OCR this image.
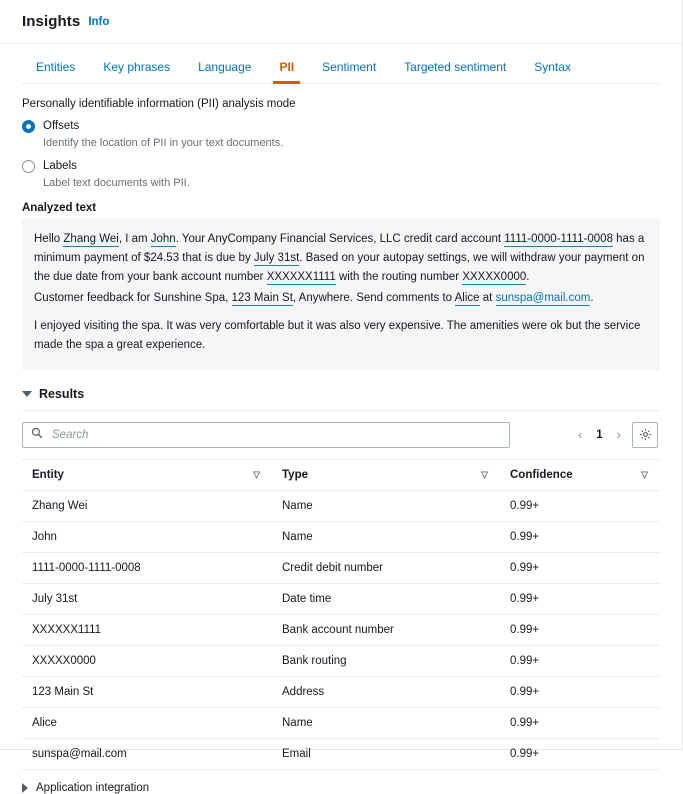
Insights Info
Entities	Key phrases	Language	PII	Sentiment	Targeted sentiment	Syntax
Personally identifiable information (PII) analysis mode
Offsets
Identify the location of PII in your text documents.
Labels
Label text documents with PII.
Analyzed text

Hello Zhang Wei, I am John. Your AnyCompany Financial Services, LLC credit card account 1111-0000-1111-0008 has a minimum payment of $24.53 that is due by July 31st. Based on your autopay settings, we will withdraw your payment on the due date from your bank account number XXXXXX1111 with the routing number XXXXX0000.

Customer feedback for Sunshine Spa, 123 Main St, Anywhere. Send comments to Alice at sunspa@mail.com.

I enjoyed visiting the spa. It was very comfortable but it was also very expensive. The amenities were ok but the service made the spa a great experience.

Results
Search
‹ 1 ›
Entity ▽	Type ▽	Confidence ▽

Zhang Wei	Name	0.99+
John	Name	0.99+
1111-0000-1111-0008	Credit debit number	0.99+
July 31st	Date time	0.99+
XXXXXX1111	Bank account number	0.99+
XXXXX0000	Bank routing	0.99+
123 Main St	Address	0.99+
Alice	Name	0.99+
sunspa@mail.com	Email	0.99+
Application integration
